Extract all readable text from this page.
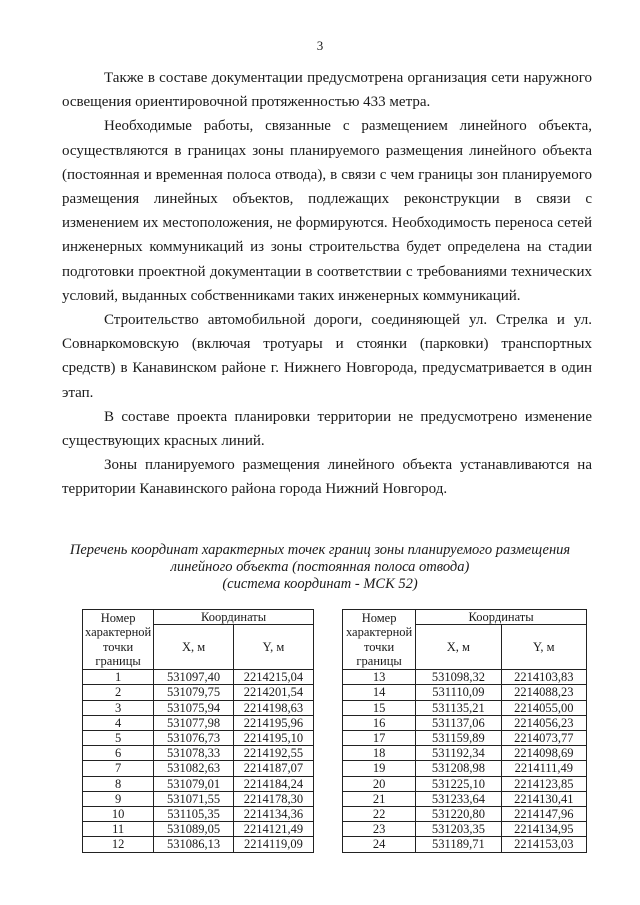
3

Также в составе документации предусмотрена организация сети наружного освещения ориентировочной протяженностью 433 метра.

Необходимые работы, связанные с размещением линейного объекта, осуществляются в границах зоны планируемого размещения линейного объекта (постоянная и временная полоса отвода), в связи с чем границы зон планируемого размещения линейных объектов, подлежащих реконструкции в связи с изменением их местоположения, не формируются. Необходимость переноса сетей инженерных коммуникаций из зоны строительства будет определена на стадии подготовки проектной документации в соответствии с требованиями технических условий, выданных собственниками таких инженерных коммуникаций.

Строительство автомобильной дороги, соединяющей ул. Стрелка и ул. Совнаркомовскую (включая тротуары и стоянки (парковки) транспортных средств) в Канавинском районе г. Нижнего Новгорода, предусматривается в один этап.

В составе проекта планировки территории не предусмотрено изменение существующих красных линий.

Зоны планируемого размещения линейного объекта устанавливаются на территории Канавинского района города Нижний Новгород.

Перечень координат характерных точек границ зоны планируемого размещения
линейного объекта (постоянная полоса отвода)
(система координат - МСК 52)
Номер характерной точки границы	Координаты	
	X, м	Y, м
1	531097,40	2214215,04
2	531079,75	2214201,54
3	531075,94	2214198,63
4	531077,98	2214195,96
5	531076,73	2214195,10
6	531078,33	2214192,55
7	531082,63	2214187,07
8	531079,01	2214184,24
9	531071,55	2214178,30
10	531105,35	2214134,36
11	531089,05	2214121,49
12	531086,13	2214119,09
Номер характерной точки границы	Координаты	
	X, м	Y, м
13	531098,32	2214103,83
14	531110,09	2214088,23
15	531135,21	2214055,00
16	531137,06	2214056,23
17	531159,89	2214073,77
18	531192,34	2214098,69
19	531208,98	2214111,49
20	531225,10	2214123,85
21	531233,64	2214130,41
22	531220,80	2214147,96
23	531203,35	2214134,95
24	531189,71	2214153,03
